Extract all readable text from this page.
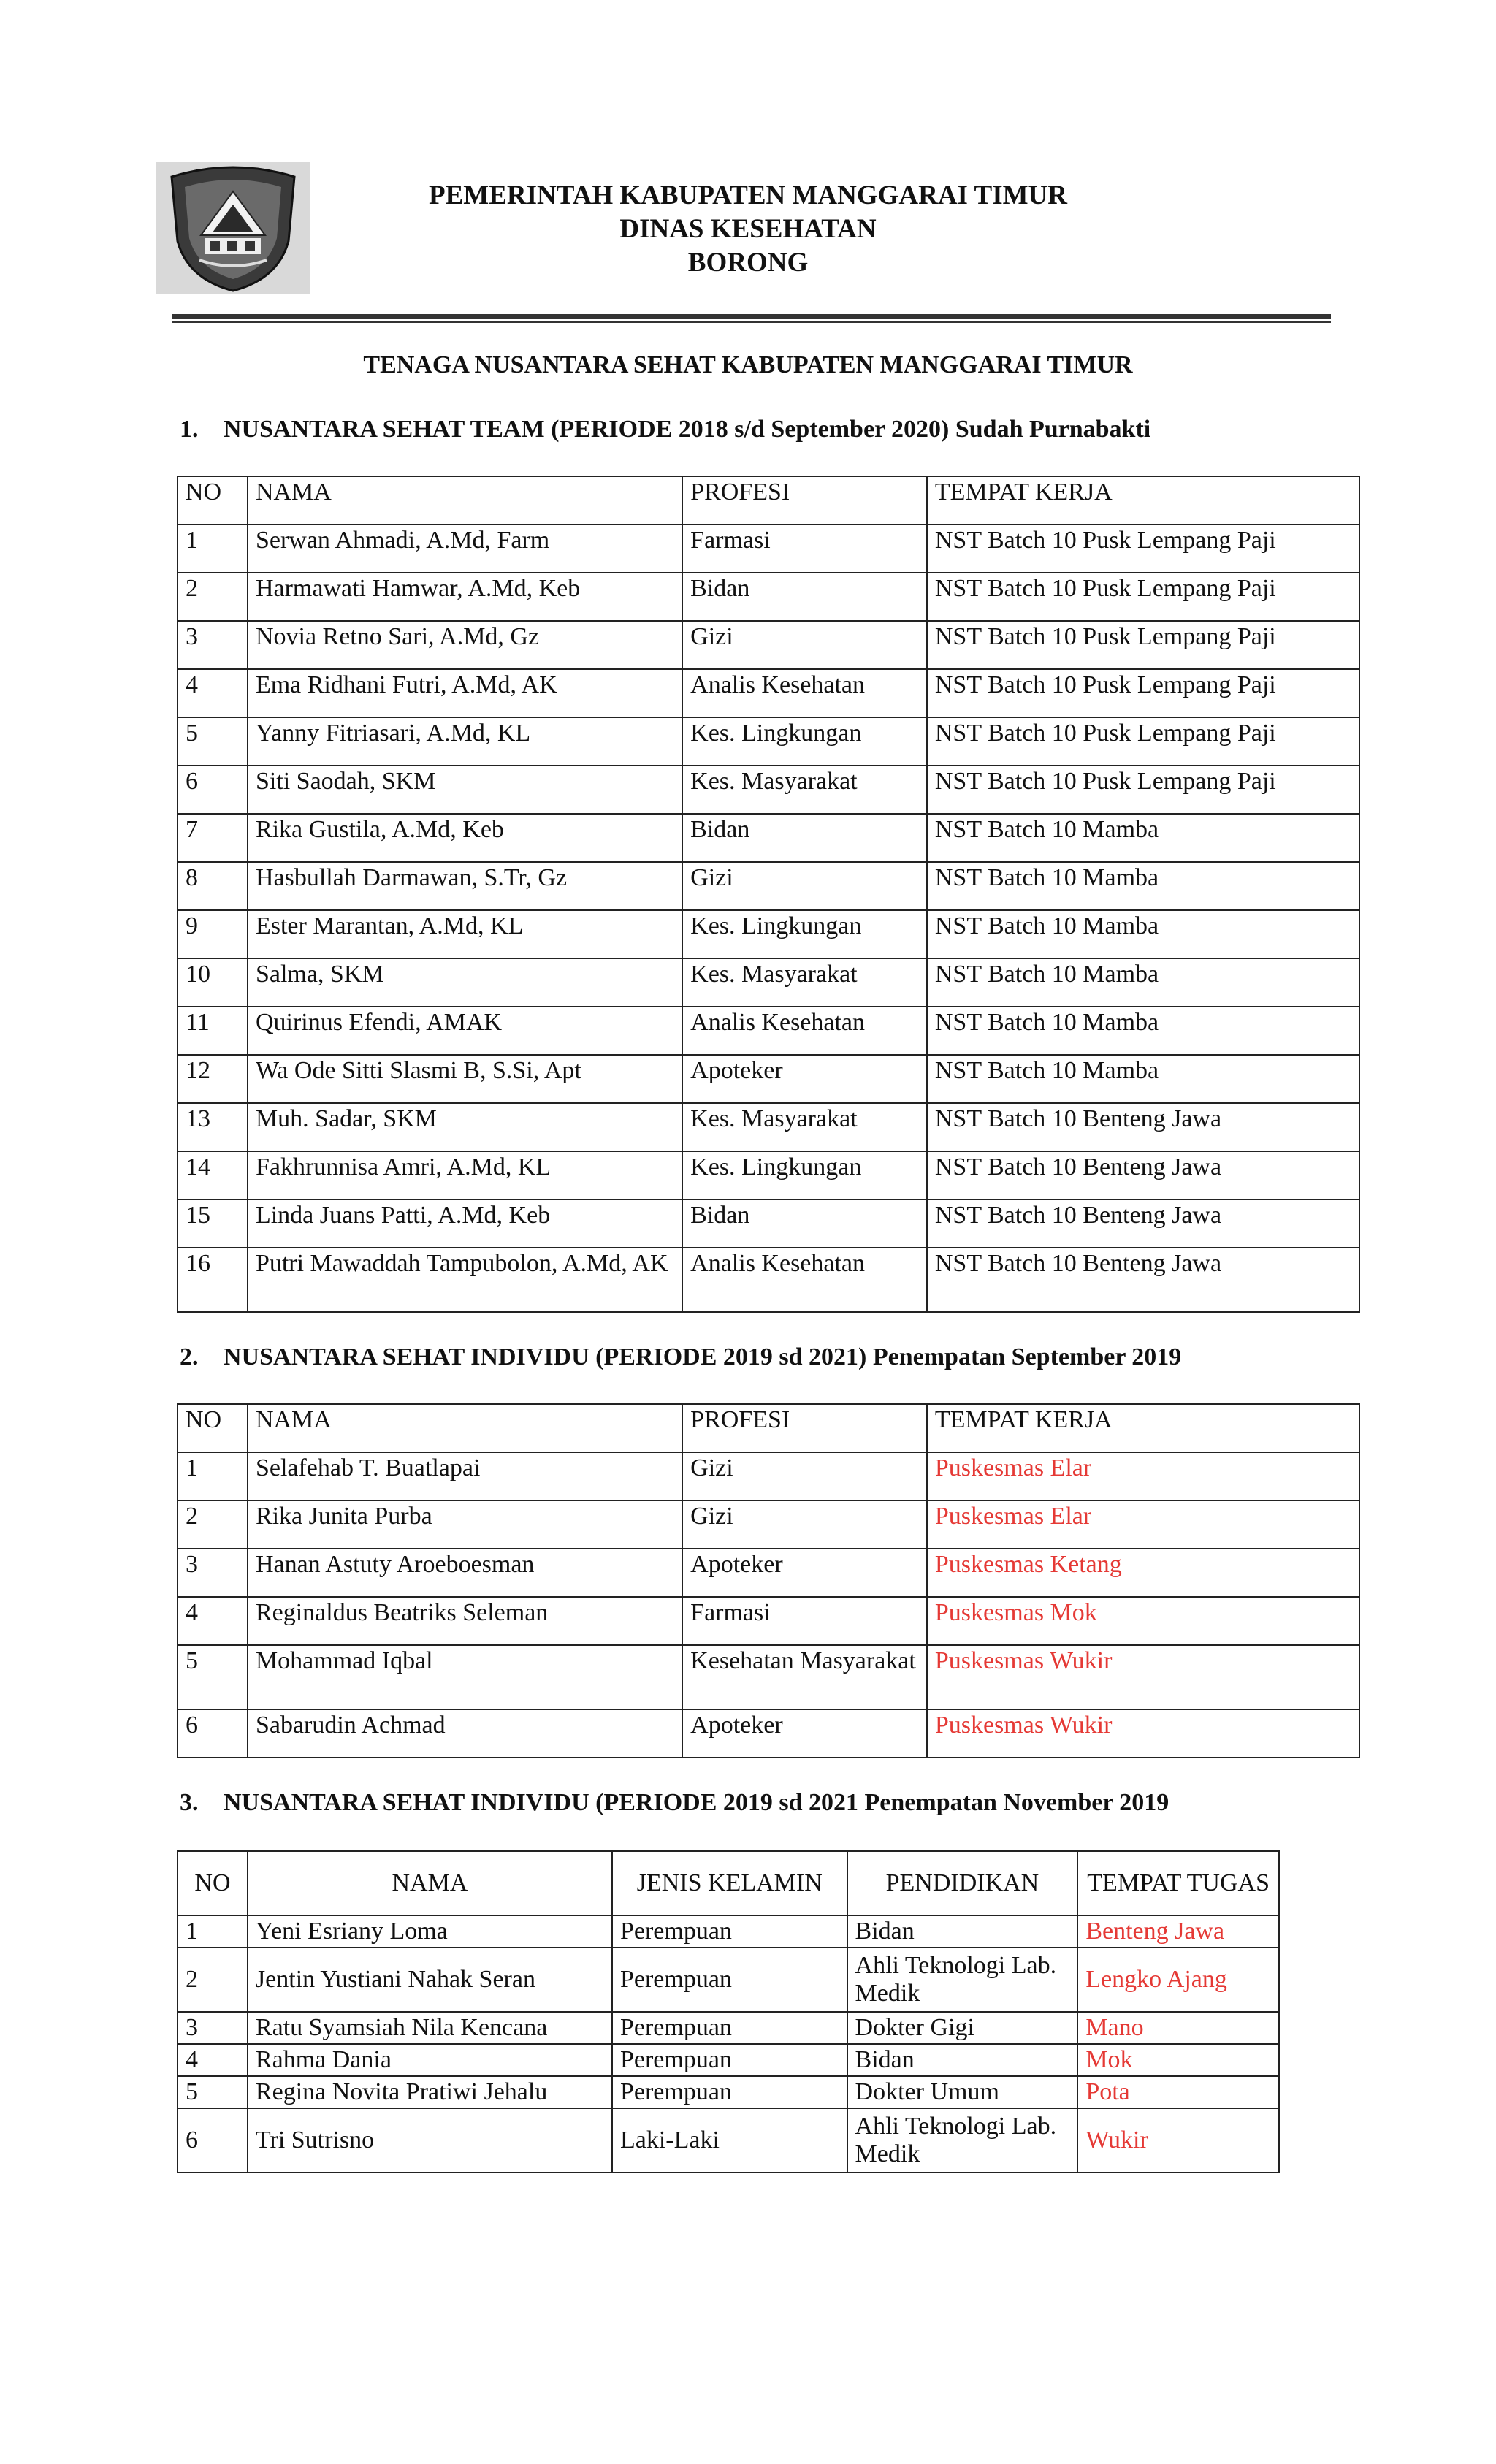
PEMERINTAH KABUPATEN MANGGARAI TIMUR
DINAS KESEHATAN
BORONG
TENAGA NUSANTARA SEHAT KABUPATEN MANGGARAI TIMUR
1. NUSANTARA SEHAT TEAM (PERIODE 2018 s/d September 2020) Sudah Purnabakti
NO	NAMA	PROFESI	TEMPAT KERJA
1	Serwan Ahmadi, A.Md, Farm	Farmasi	NST Batch 10 Pusk Lempang Paji
2	Harmawati Hamwar, A.Md, Keb	Bidan	NST Batch 10 Pusk Lempang Paji
3	Novia Retno Sari, A.Md, Gz	Gizi	NST Batch 10 Pusk Lempang Paji
4	Ema Ridhani Futri, A.Md, AK	Analis Kesehatan	NST Batch 10 Pusk Lempang Paji
5	Yanny Fitriasari, A.Md, KL	Kes. Lingkungan	NST Batch 10 Pusk Lempang Paji
6	Siti Saodah, SKM	Kes. Masyarakat	NST Batch 10 Pusk Lempang Paji
7	Rika Gustila, A.Md, Keb	Bidan	NST Batch 10 Mamba
8	Hasbullah Darmawan, S.Tr, Gz	Gizi	NST Batch 10 Mamba
9	Ester Marantan, A.Md, KL	Kes. Lingkungan	NST Batch 10 Mamba
10	Salma, SKM	Kes. Masyarakat	NST Batch 10 Mamba
11	Quirinus Efendi, AMAK	Analis Kesehatan	NST Batch 10 Mamba
12	Wa Ode Sitti Slasmi B, S.Si, Apt	Apoteker	NST Batch 10 Mamba
13	Muh. Sadar, SKM	Kes. Masyarakat	NST Batch 10 Benteng Jawa
14	Fakhrunnisa Amri, A.Md, KL	Kes. Lingkungan	NST Batch 10 Benteng Jawa
15	Linda Juans Patti, A.Md, Keb	Bidan	NST Batch 10 Benteng Jawa
16	Putri Mawaddah Tampubolon, A.Md, AK	Analis Kesehatan	NST Batch 10 Benteng Jawa
2. NUSANTARA SEHAT INDIVIDU (PERIODE 2019 sd 2021) Penempatan September 2019
NO	NAMA	PROFESI	TEMPAT KERJA
1	Selafehab T. Buatlapai	Gizi	Puskesmas Elar
2	Rika Junita Purba	Gizi	Puskesmas Elar
3	Hanan Astuty Aroeboesman	Apoteker	Puskesmas Ketang
4	Reginaldus Beatriks Seleman	Farmasi	Puskesmas Mok
5	Mohammad Iqbal	Kesehatan Masyarakat	Puskesmas Wukir
6	Sabarudin Achmad	Apoteker	Puskesmas Wukir
3. NUSANTARA SEHAT INDIVIDU (PERIODE 2019 sd 2021 Penempatan November 2019
NO	NAMA	JENIS KELAMIN	PENDIDIKAN	TEMPAT TUGAS
1	Yeni Esriany Loma	Perempuan	Bidan	Benteng Jawa
2	Jentin Yustiani Nahak Seran	Perempuan	Ahli Teknologi Lab. Medik	Lengko Ajang
3	Ratu Syamsiah Nila Kencana	Perempuan	Dokter Gigi	Mano
4	Rahma Dania	Perempuan	Bidan	Mok
5	Regina Novita Pratiwi Jehalu	Perempuan	Dokter Umum	Pota
6	Tri Sutrisno	Laki-Laki	Ahli Teknologi Lab. Medik	Wukir
